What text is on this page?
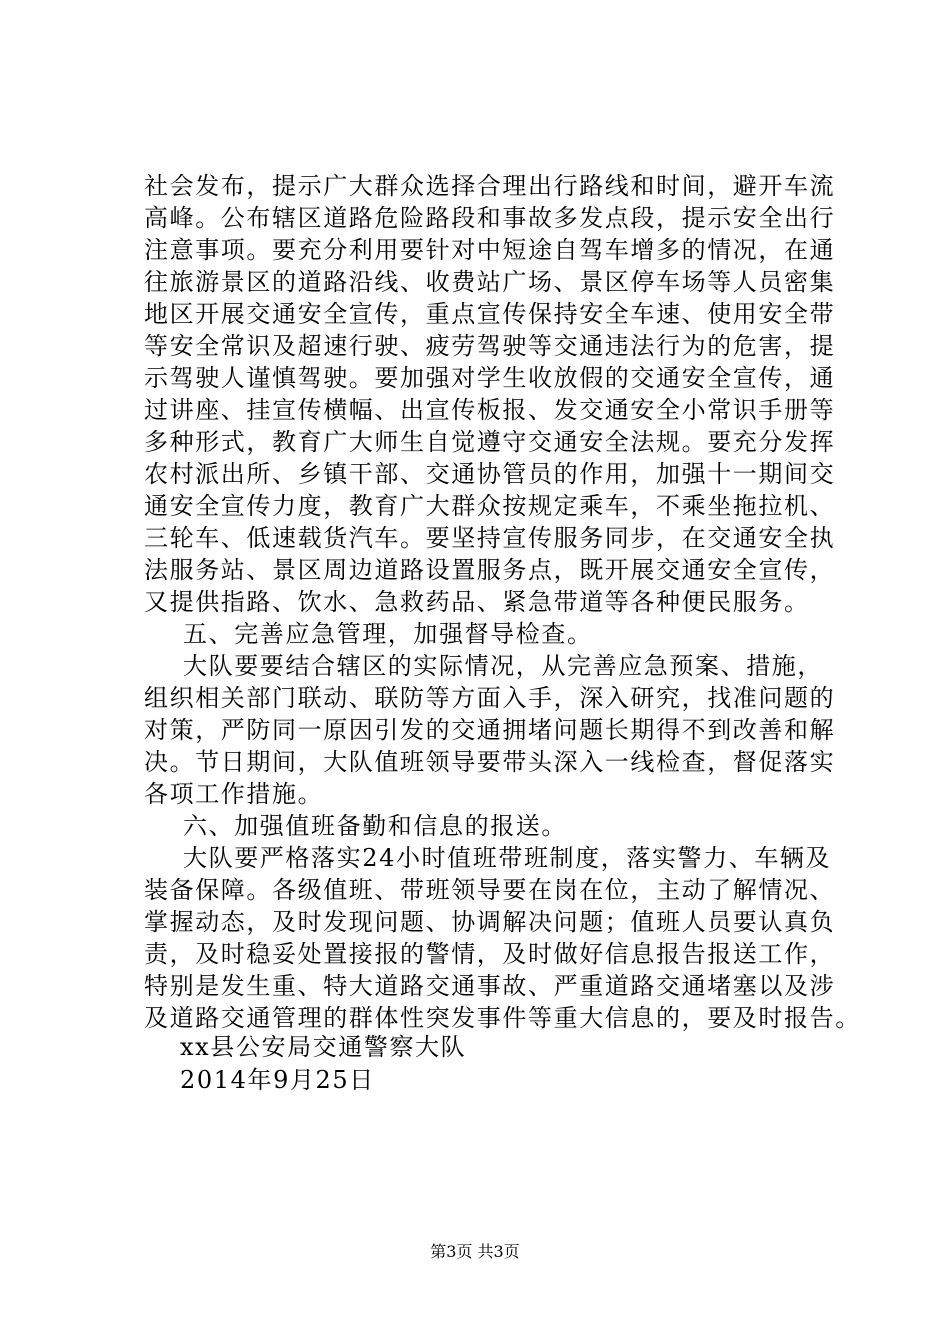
社会发布，提示广大群众选择合理出行路线和时间，避开车流
高峰。公布辖区道路危险路段和事故多发点段，提示安全出行
注意事项。要充分利用要针对中短途自驾车增多的情况，在通
往旅游景区的道路沿线、收费站广场、景区停车场等人员密集
地区开展交通安全宣传，重点宣传保持安全车速、使用安全带
等安全常识及超速行驶、疲劳驾驶等交通违法行为的危害，提
示驾驶人谨慎驾驶。要加强对学生收放假的交通安全宣传，通
过讲座、挂宣传横幅、出宣传板报、发交通安全小常识手册等
多种形式，教育广大师生自觉遵守交通安全法规。要充分发挥
农村派出所、乡镇干部、交通协管员的作用，加强十一期间交
通安全宣传力度，教育广大群众按规定乘车，不乘坐拖拉机、
三轮车、低速载货汽车。要坚持宣传服务同步，在交通安全执
法服务站、景区周边道路设置服务点，既开展交通安全宣传，
又提供指路、饮水、急救药品、紧急带道等各种便民服务。
五、完善应急管理，加强督导检查。
大队要要结合辖区的实际情况，从完善应急预案、措施，
组织相关部门联动、联防等方面入手，深入研究，找准问题的
对策，严防同一原因引发的交通拥堵问题长期得不到改善和解
决。节日期间，大队值班领导要带头深入一线检查，督促落实
各项工作措施。
六、加强值班备勤和信息的报送。
大队要严格落实24小时值班带班制度，落实警力、车辆及
装备保障。各级值班、带班领导要在岗在位，主动了解情况、
掌握动态，及时发现问题、协调解决问题；值班人员要认真负
责，及时稳妥处置接报的警情，及时做好信息报告报送工作，
特别是发生重、特大道路交通事故、严重道路交通堵塞以及涉
及道路交通管理的群体性突发事件等重大信息的，要及时报告。
xx县公安局交通警察大队
2014年9月25日
第3页 共3页
